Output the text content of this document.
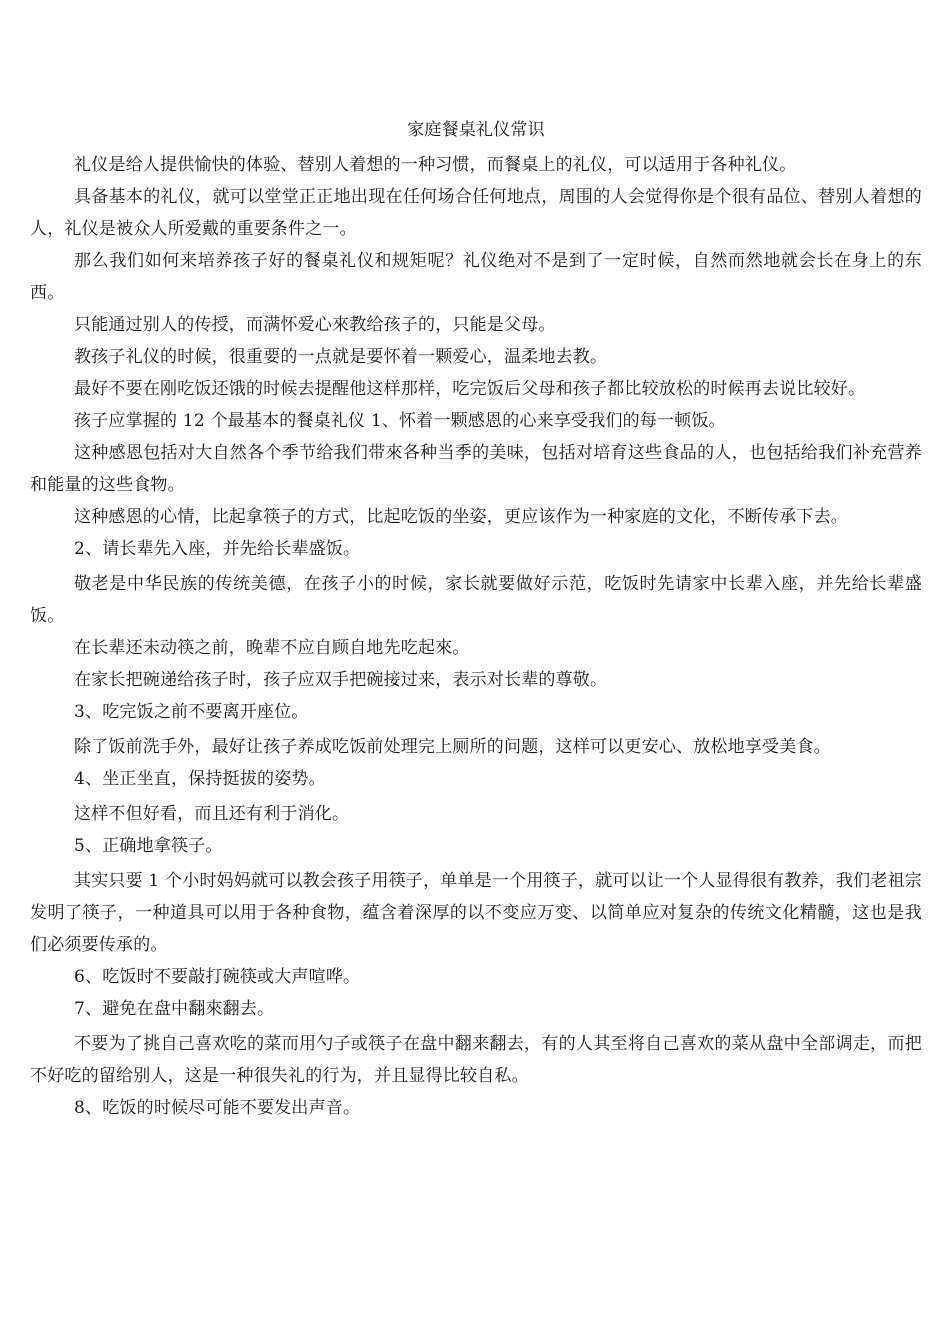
家庭餐桌礼仪常识

礼仪是给人提供愉快的体验、替别人着想的一种习惯，而餐桌上的礼仪，可以适用于各种礼仪。

具备基本的礼仪，就可以堂堂正正地出现在任何场合任何地点，周围的人会觉得你是个很有品位、替别人着想的人，礼仪是被众人所爱戴的重要条件之一。

那么我们如何来培养孩子好的餐桌礼仪和规矩呢？礼仪绝对不是到了一定时候，自然而然地就会长在身上的东西。

只能通过别人的传授，而满怀爱心來教给孩子的，只能是父母。

教孩子礼仪的时候，很重要的一点就是要怀着一颗爱心，温柔地去教。

最好不要在刚吃饭还饿的时候去提醒他这样那样，吃完饭后父母和孩子都比较放松的时候再去说比较好。

孩子应掌握的 12 个最基本的餐桌礼仪 1、怀着一颗感恩的心来享受我们的每一顿饭。

这种感恩包括对大自然各个季节给我们带來各种当季的美味，包括对培育这些食品的人，也包括给我们补充营养和能量的这些食物。

这种感恩的心情，比起拿筷子的方式，比起吃饭的坐姿，更应该作为一种家庭的文化，不断传承下去。

2、请长辈先入座，并先给长辈盛饭。

敬老是中华民族的传统美德，在孩子小的时候，家长就要做好示范，吃饭时先请家中长辈入座，并先给长辈盛饭。

在长辈还未动筷之前，晚辈不应自顾自地先吃起來。

在家长把碗递给孩子时，孩子应双手把碗接过来，表示对长辈的尊敬。

3、吃完饭之前不要离开座位。

除了饭前洗手外，最好让孩子养成吃饭前处理完上厕所的问题，这样可以更安心、放松地享受美食。

4、坐正坐直，保持挺拔的姿势。

这样不但好看，而且还有利于消化。

5、正确地拿筷子。

其实只要 1 个小时妈妈就可以教会孩子用筷子，单单是一个用筷子，就可以让一个人显得很有教养，我们老祖宗发明了筷子，一种道具可以用于各种食物，蕴含着深厚的以不变应万变、以简单应对复杂的传统文化精髓，这也是我们必须要传承的。

6、吃饭时不要敲打碗筷或大声喧哗。

7、避免在盘中翻來翻去。

不要为了挑自己喜欢吃的菜而用勺子或筷子在盘中翻来翻去，有的人其至将自己喜欢的菜从盘中全部调走，而把不好吃的留给别人，这是一种很失礼的行为，并且显得比较自私。

8、吃饭的时候尽可能不要发出声音。
